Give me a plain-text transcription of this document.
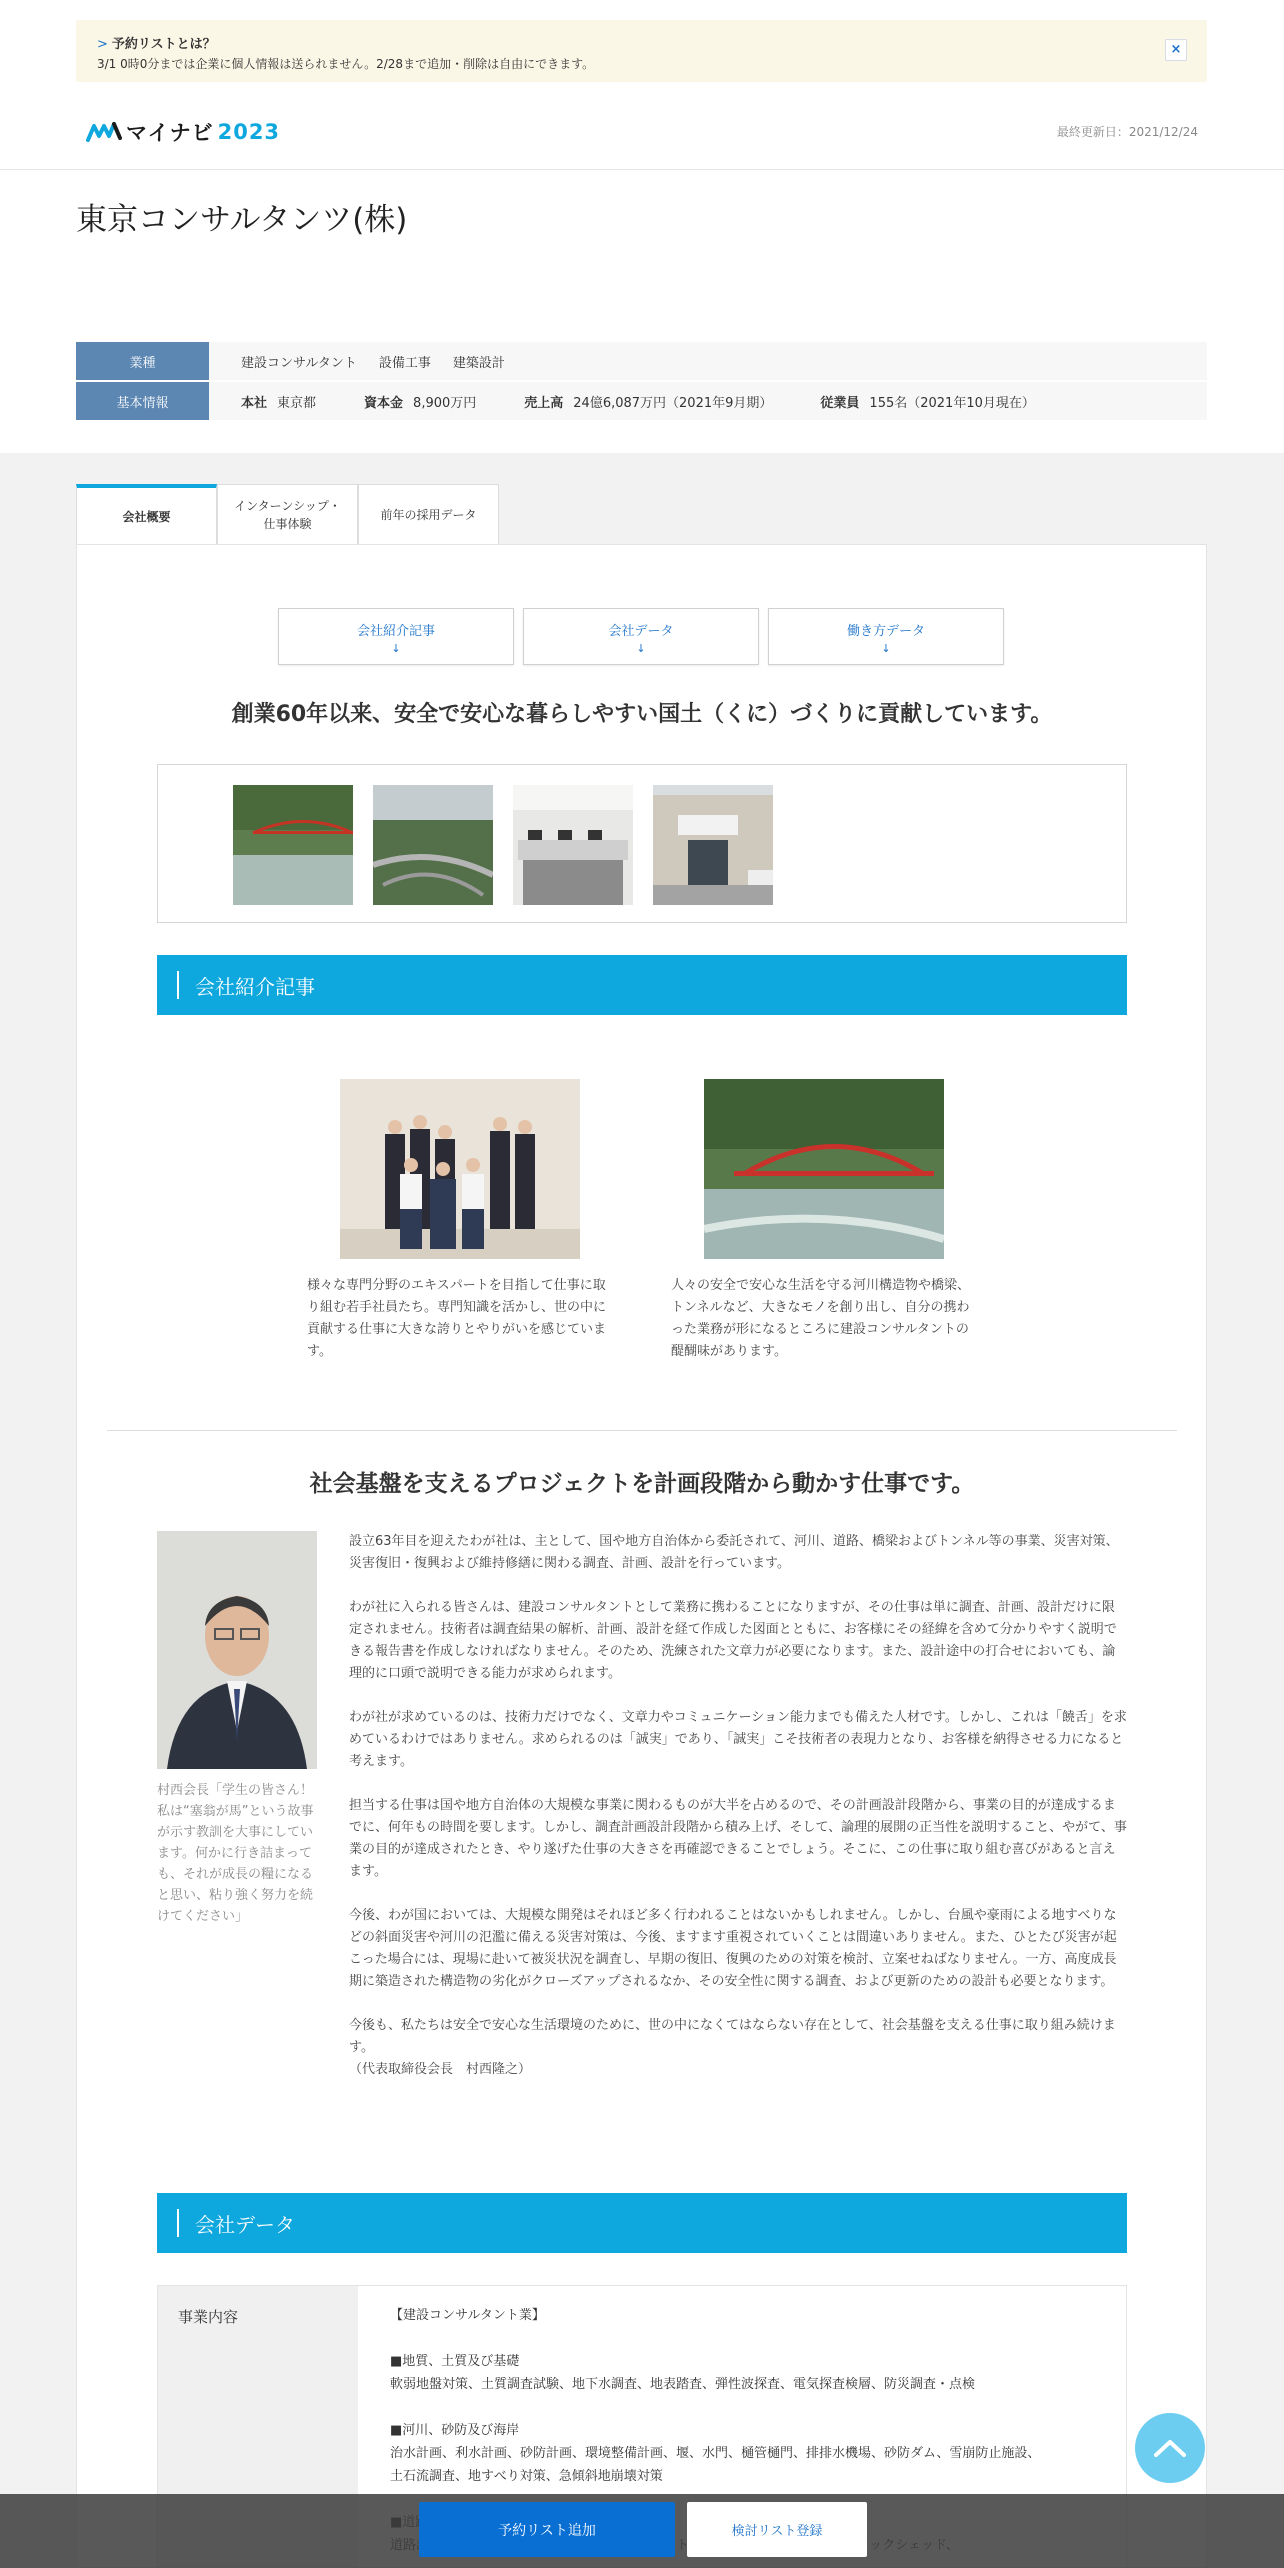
> 予約リストとは？
3/1 0時0分までは企業に個人情報は送られません。2/28まで追加・削除は自由にできます。
×
マイナビ 2023	最終更新日：2021/12/24
東京コンサルタンツ(株)
業種	建設コンサルタント 設備工事 建築設計
基本情報	本社 東京都	資本金 8,900万円	売上高 24億6,087万円（2021年9月期）	従業員 155名（2021年10月現在）
会社概要
インターンシップ・
仕事体験
前年の採用データ
会社紹介記事
↓
会社データ
↓
働き方データ
↓
創業60年以来、安全で安心な暮らしやすい国土（くに）づくりに貢献しています。
会社紹介記事
様々な専門分野のエキスパートを目指して仕事に取り組む若手社員たち。専門知識を活かし、世の中に貢献する仕事に大きな誇りとやりがいを感じています。
人々の安全で安心な生活を守る河川構造物や橋梁、トンネルなど、大きなモノを創り出し、自分の携わった業務が形になるところに建設コンサルタントの醍醐味があります。
社会基盤を支えるプロジェクトを計画段階から動かす仕事です。
村西会長「学生の皆さん！私は“塞翁が馬”という故事が示す教訓を大事にしています。何かに行き詰まっても、それが成長の糧になると思い、粘り強く努力を続けてください」

設立63年目を迎えたわが社は、主として、国や地方自治体から委託されて、河川、道路、橋梁およびトンネル等の事業、災害対策、災害復旧・復興および維持修繕に関わる調査、計画、設計を行っています。

わが社に入られる皆さんは、建設コンサルタントとして業務に携わることになりますが、その仕事は単に調査、計画、設計だけに限定されません。技術者は調査結果の解析、計画、設計を経て作成した図面とともに、お客様にその経緯を含めて分かりやすく説明できる報告書を作成しなければなりません。そのため、洗練された文章力が必要になります。また、設計途中の打合せにおいても、論理的に口頭で説明できる能力が求められます。

わが社が求めているのは、技術力だけでなく、文章力やコミュニケーション能力までも備えた人材です。しかし、これは「饒舌」を求めているわけではありません。求められるのは「誠実」であり、「誠実」こそ技術者の表現力となり、お客様を納得させる力になると考えます。

担当する仕事は国や地方自治体の大規模な事業に関わるものが大半を占めるので、その計画設計段階から、事業の目的が達成するまでに、何年もの時間を要します。しかし、調査計画設計段階から積み上げ、そして、論理的展開の正当性を説明すること、やがて、事業の目的が達成されたとき、やり遂げた仕事の大きさを再確認できることでしょう。そこに、この仕事に取り組む喜びがあると言えます。

今後、わが国においては、大規模な開発はそれほど多く行われることはないかもしれません。しかし、台風や豪雨による地すべりなどの斜面災害や河川の氾濫に備える災害対策は、今後、ますます重視されていくことは間違いありません。また、ひとたび災害が起こった場合には、現場に赴いて被災状況を調査し、早期の復旧、復興のための対策を検討、立案せねばなりません。一方、高度成長期に築造された構造物の劣化がクローズアップされるなか、その安全性に関する調査、および更新のための設計も必要となります。

今後も、私たちは安全で安心な生活環境のために、世の中になくてはならない存在として、社会基盤を支える仕事に取り組み続けます。

（代表取締役会長　村西隆之）

会社データ
事業内容	【建設コンサルタント業】
■地質、土質及び基礎
軟弱地盤対策、土質調査試験、地下水調査、地表踏査、弾性波探査、電気探査検層、防災調査・点検
■河川、砂防及び海岸
治水計画、利水計画、砂防計画、環境整備計画、堰、水門、樋管樋門、排排水機場、砂防ダム、雪崩防止施設、
土石流調査、地すべり対策、急傾斜地崩壊対策
予約リスト追加	検討リスト登録
